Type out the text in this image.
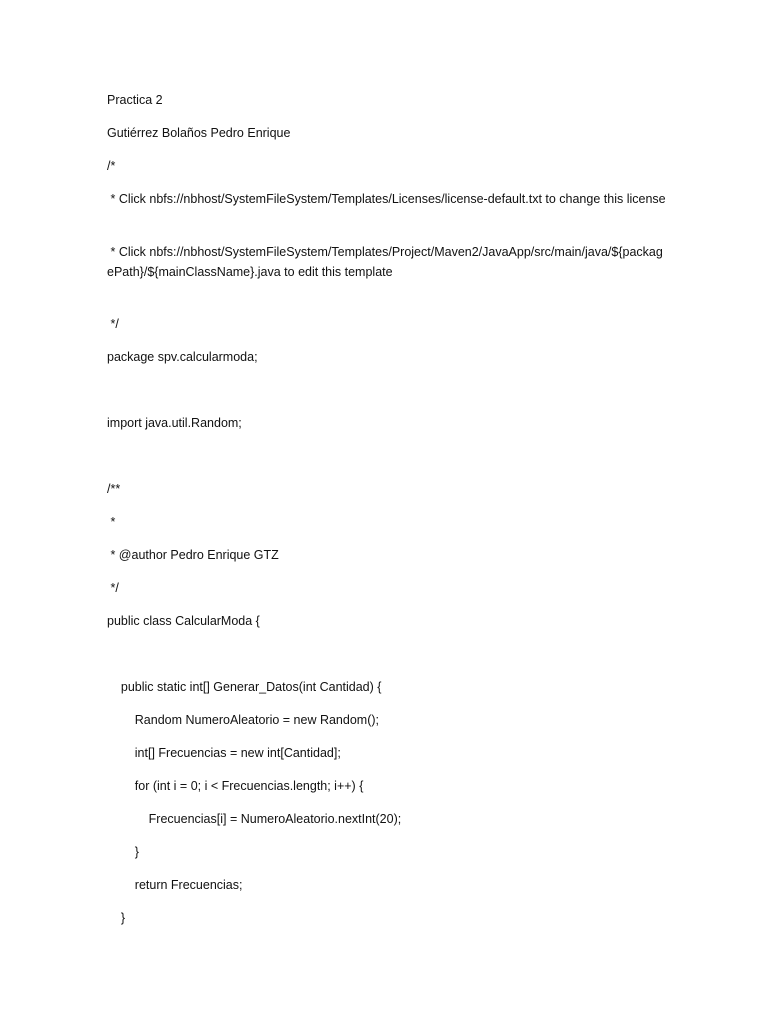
Practica 2
Gutiérrez Bolaños Pedro Enrique
/*
* Click nbfs://nbhost/SystemFileSystem/Templates/Licenses/license-default.txt to change this license
* Click nbfs://nbhost/SystemFileSystem/Templates/Project/Maven2/JavaApp/src/main/java/${packagePath}/${mainClassName}.java to edit this template
*/
package spv.calcularmoda;
import java.util.Random;
/**
*
* @author Pedro Enrique GTZ
*/
public class CalcularModa {
public static int[] Generar_Datos(int Cantidad) {
Random NumeroAleatorio = new Random();
int[] Frecuencias = new int[Cantidad];
for (int i = 0; i < Frecuencias.length; i++) {
Frecuencias[i] = NumeroAleatorio.nextInt(20);
}
return Frecuencias;
}
